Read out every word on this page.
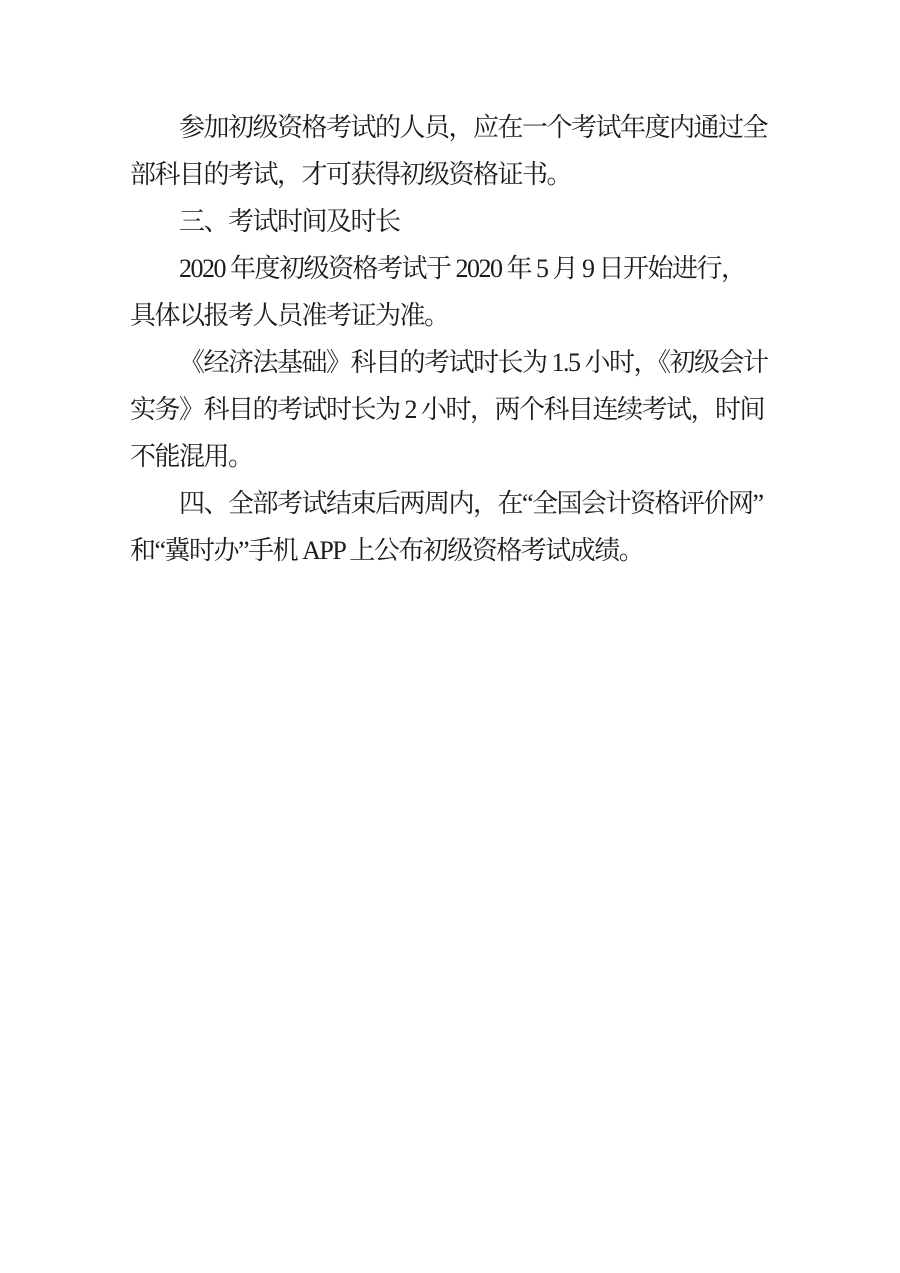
参加初级资格考试的人员，应在一个考试年度内通过全

部科目的考试，才可获得初级资格证书。

三、考试时间及时长

2020 年度初级资格考试于 2020 年 5 月 9 日开始进行，

具体以报考人员准考证为准。

《经济法基础》科目的考试时长为 1.5 小时，《初级会计

实务》科目的考试时长为 2 小时，两个科目连续考试，时间

不能混用。

四、全部考试结束后两周内，在“全国会计资格评价网”

和“冀时办”手机 APP 上公布初级资格考试成绩。
